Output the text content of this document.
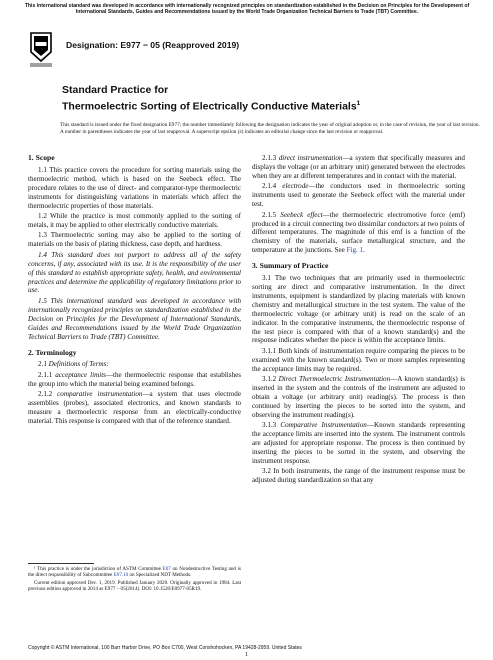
This international standard was developed in accordance with internationally recognized principles on standardization established in the Decision on Principles for the Development of International Standards, Guides and Recommendations issued by the World Trade Organization Technical Barriers to Trade (TBT) Committee.
Designation: E977 − 05 (Reapproved 2019)
Standard Practice for
Thermoelectric Sorting of Electrically Conductive Materials$^1$
This standard is issued under the fixed designation E977; the number immediately following the designation indicates the year of original adoption or, in the case of revision, the year of last revision. A number in parentheses indicates the year of last reapproval. A superscript epsilon (ε) indicates an editorial change since the last revision or reapproval.
1. Scope

1.1 This practice covers the procedure for sorting materials using the thermoelectric method, which is based on the Seebeck effect. The procedure relates to the use of direct- and comparator-type thermoelectric instruments for distinguishing variations in materials which affect the thermoelectric properties of those materials.

1.2 While the practice is most commonly applied to the sorting of metals, it may be applied to other electrically conductive materials.

1.3 Thermoelectric sorting may also be applied to the sorting of materials on the basis of plating thickness, case depth, and hardness.

1.4 This standard does not purport to address all of the safety concerns, if any, associated with its use. It is the responsibility of the user of this standard to establish appropriate safety, health, and environmental practices and determine the applicability of regulatory limitations prior to use.

1.5 This international standard was developed in accordance with internationally recognized principles on standardization established in the Decision on Principles for the Development of International Standards, Guides and Recommendations issued by the World Trade Organization Technical Barriers to Trade (TBT) Committee.

2. Terminology

2.1 Definitions of Terms:

2.1.1 acceptance limits—the thermoelectric response that establishes the group into which the material being examined belongs.

2.1.2 comparative instrumentation—a system that uses electrode assemblies (probes), associated electronics, and known standards to measure a thermoelectric response from an electrically-conductive material. This response is compared with that of the reference standard.

2.1.3 direct instrumentation—a system that specifically measures and displays the voltage (or an arbitrary unit) generated between the electrodes when they are at different temperatures and in contact with the material.

2.1.4 electrode—the conductors used in thermoelectric sorting instruments used to generate the Seebeck effect with the material under test.

2.1.5 Seebeck effect—the thermoelectric electromotive force (emf) produced in a circuit connecting two dissimilar conductors at two points of different temperatures. The magnitude of this emf is a function of the chemistry of the materials, surface metallurgical structure, and the temperature at the junctions. See Fig. 1.

3. Summary of Practice

3.1 The two techniques that are primarily used in thermoelectric sorting are direct and comparative instrumentation. In the direct instruments, equipment is standardized by placing materials with known chemistry and metallurgical structure in the test system. The value of the thermoelectric voltage (or arbitrary unit) is read on the scale of an indicator. In the comparative instruments, the thermoelectric response of the test piece is compared with that of a known standard(s) and the response indicates whether the piece is within the acceptance limits.

3.1.1 Both kinds of instrumentation require comparing the pieces to be examined with the known standard(s). Two or more samples representing the acceptance limits may be required.

3.1.2 Direct Thermoelectric Instrumentation—A known standard(s) is inserted in the system and the controls of the instrument are adjusted to obtain a voltage (or arbitrary unit) reading(s). The process is then continued by inserting the pieces to be sorted into the system, and observing the instrument reading(s).

3.1.3 Comparative Instrumentation—Known standards representing the acceptance limits are inserted into the system. The instrument controls are adjusted for appropriate response. The process is then continued by inserting the pieces to be sorted in the system, and observing the instrument response.

3.2 In both instruments, the range of the instrument response must be adjusted during standardization so that any

¹ This practice is under the jurisdiction of ASTM Committee E07 on Nondestructive Testing and is the direct responsibility of Subcommittee E07.10 on Specialized NDT Methods.

Current edition approved Dec. 1, 2019. Published January 2020. Originally approved in 1984. Last previous edition approved in 2014 as E977 – 05(2014). DOI: 10.1520/E0977-05R19.

Copyright © ASTM International, 100 Barr Harbor Drive, PO Box C700, West Conshohocken, PA 19428-2959. United States
1
